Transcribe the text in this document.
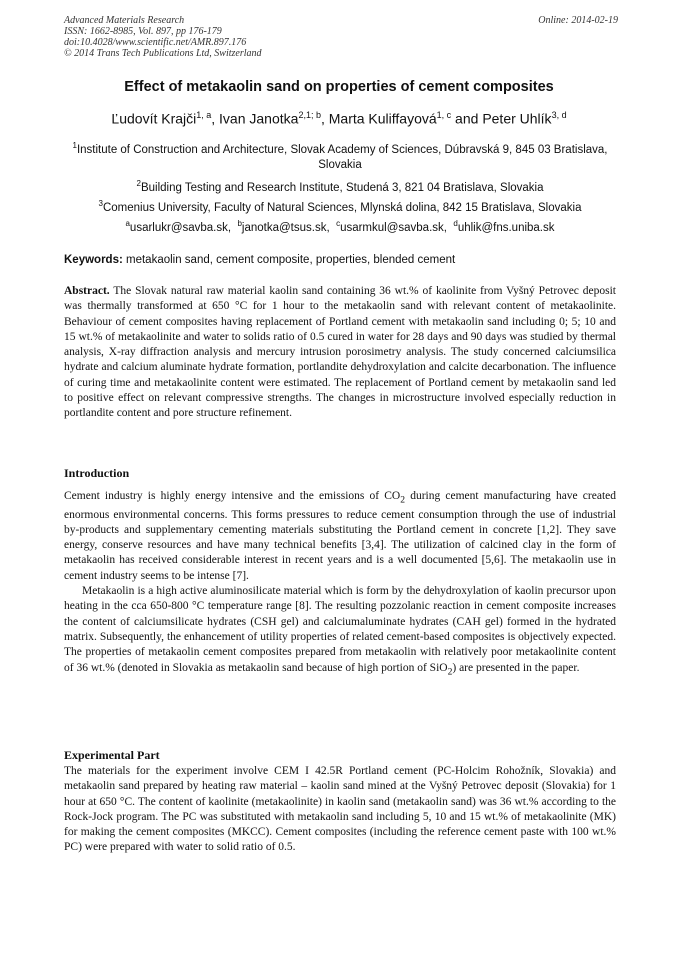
Advanced Materials Research
ISSN: 1662-8985, Vol. 897, pp 176-179
doi:10.4028/www.scientific.net/AMR.897.176
© 2014 Trans Tech Publications Ltd, Switzerland
Online: 2014-02-19
Effect of metakaolin sand on properties of cement composites
Ľudovít Krajči$^{1, a}$, Ivan Janotka$^{2,1; b}$, Marta Kuliffayová$^{1, c}$ and Peter Uhlík$^{3, d}$
$^1$Institute of Construction and Architecture, Slovak Academy of Sciences, Dúbravská 9, 845 03 Bratislava, Slovakia
$^2$Building Testing and Research Institute, Studená 3, 821 04 Bratislava, Slovakia
$^3$Comenius University, Faculty of Natural Sciences, Mlynská dolina, 842 15 Bratislava, Slovakia
$^a$usarlukr@savba.sk, $^b$janotka@tsus.sk, $^c$usarmkul@savba.sk, $^d$uhlik@fns.uniba.sk
Keywords: metakaolin sand, cement composite, properties, blended cement

Abstract. The Slovak natural raw material kaolin sand containing 36 wt.% of kaolinite from Vyšný Petrovec deposit was thermally transformed at 650 °C for 1 hour to the metakaolin sand with relevant content of metakaolinite. Behaviour of cement composites having replacement of Portland cement with metakaolin sand including 0; 5; 10 and 15 wt.% of metakaolinite and water to solids ratio of 0.5 cured in water for 28 days and 90 days was studied by thermal analysis, X-ray diffraction analysis and mercury intrusion porosimetry analysis. The study concerned calciumsilica hydrate and calcium aluminate hydrate formation, portlandite dehydroxylation and calcite decarbonation. The influence of curing time and metakaolinite content were estimated. The replacement of Portland cement by metakaolin sand led to positive effect on relevant compressive strengths. The changes in microstructure involved especially reduction in portlandite content and pore structure refinement.

Introduction

Cement industry is highly energy intensive and the emissions of $CO_2$ during cement manufacturing have created enormous environmental concerns. This forms pressures to reduce cement consumption through the use of industrial by-products and supplementary cementing materials substituting the Portland cement in concrete [1,2]. They save energy, conserve resources and have many technical benefits [3,4]. The utilization of calcined clay in the form of metakaolin has received considerable interest in recent years and is a well documented [5,6]. The metakaolin use in cement industry seems to be intense [7].

Metakaolin is a high active aluminosilicate material which is form by the dehydroxylation of kaolin precursor upon heating in the cca 650-800 °C temperature range [8]. The resulting pozzolanic reaction in cement composite increases the content of calciumsilicate hydrates (CSH gel) and calciumaluminate hydrates (CAH gel) formed in the hydrated matrix. Subsequently, the enhancement of utility properties of related cement-based composites is objectively expected. The properties of metakaolin cement composites prepared from metakaolin with relatively poor metakaolinite content of 36 wt.% (denoted in Slovakia as metakaolin sand because of high portion of SiO$_2$) are presented in the paper.

Experimental Part

The materials for the experiment involve CEM I 42.5R Portland cement (PC-Holcim Rohožník, Slovakia) and metakaolin sand prepared by heating raw material – kaolin sand mined at the Vyšný Petrovec deposit (Slovakia) for 1 hour at 650 °C. The content of kaolinite (metakaolinite) in kaolin sand (metakaolin sand) was 36 wt.% according to the Rock-Jock program. The PC was substituted with metakaolin sand including 5, 10 and 15 wt.% of metakaolinite (MK) for making the cement composites (MKCC). Cement composites (including the reference cement paste with 100 wt.% PC) were prepared with water to solid ratio of 0.5.
